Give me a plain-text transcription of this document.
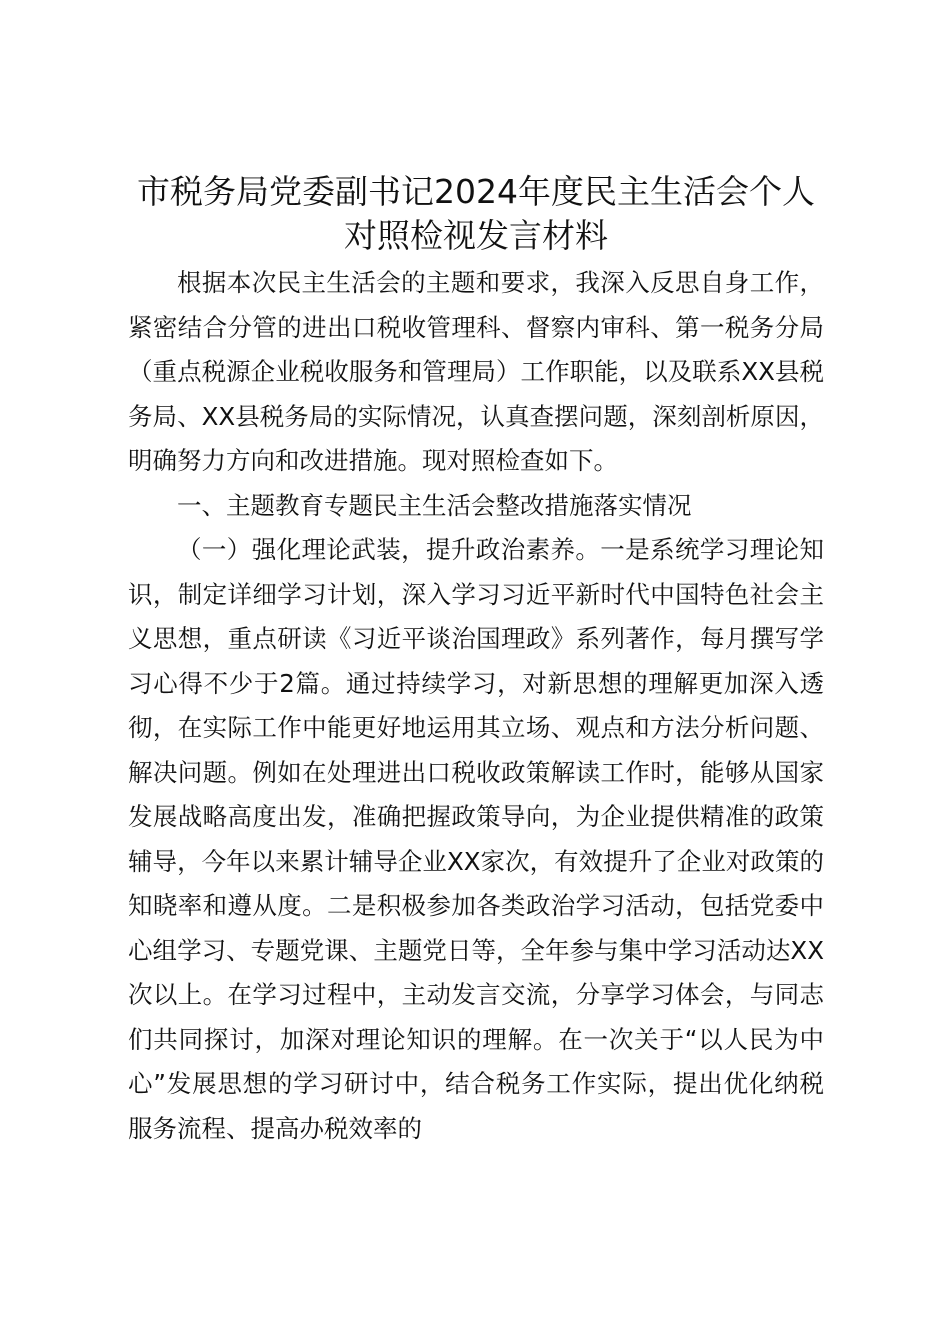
市税务局党委副书记2024年度民主生活会个人对照检视发言材料

根据本次民主生活会的主题和要求，我深入反思自身工作，紧密结合分管的进出口税收管理科、督察内审科、第一税务分局（重点税源企业税收服务和管理局）工作职能，以及联系XX县税务局、XX县税务局的实际情况，认真查摆问题，深刻剖析原因，明确努力方向和改进措施。现对照检查如下。

一、主题教育专题民主生活会整改措施落实情况

（一）强化理论武装，提升政治素养。一是系统学习理论知识，制定详细学习计划，深入学习习近平新时代中国特色社会主义思想，重点研读《习近平谈治国理政》系列著作，每月撰写学习心得不少于2篇。通过持续学习，对新思想的理解更加深入透彻，在实际工作中能更好地运用其立场、观点和方法分析问题、解决问题。例如在处理进出口税收政策解读工作时，能够从国家发展战略高度出发，准确把握政策导向，为企业提供精准的政策辅导，今年以来累计辅导企业XX家次，有效提升了企业对政策的知晓率和遵从度。二是积极参加各类政治学习活动，包括党委中心组学习、专题党课、主题党日等，全年参与集中学习活动达XX次以上。在学习过程中，主动发言交流，分享学习体会，与同志们共同探讨，加深对理论知识的理解。在一次关于“以人民为中心”发展思想的学习研讨中，结合税务工作实际，提出优化纳税服务流程、提高办税效率的
